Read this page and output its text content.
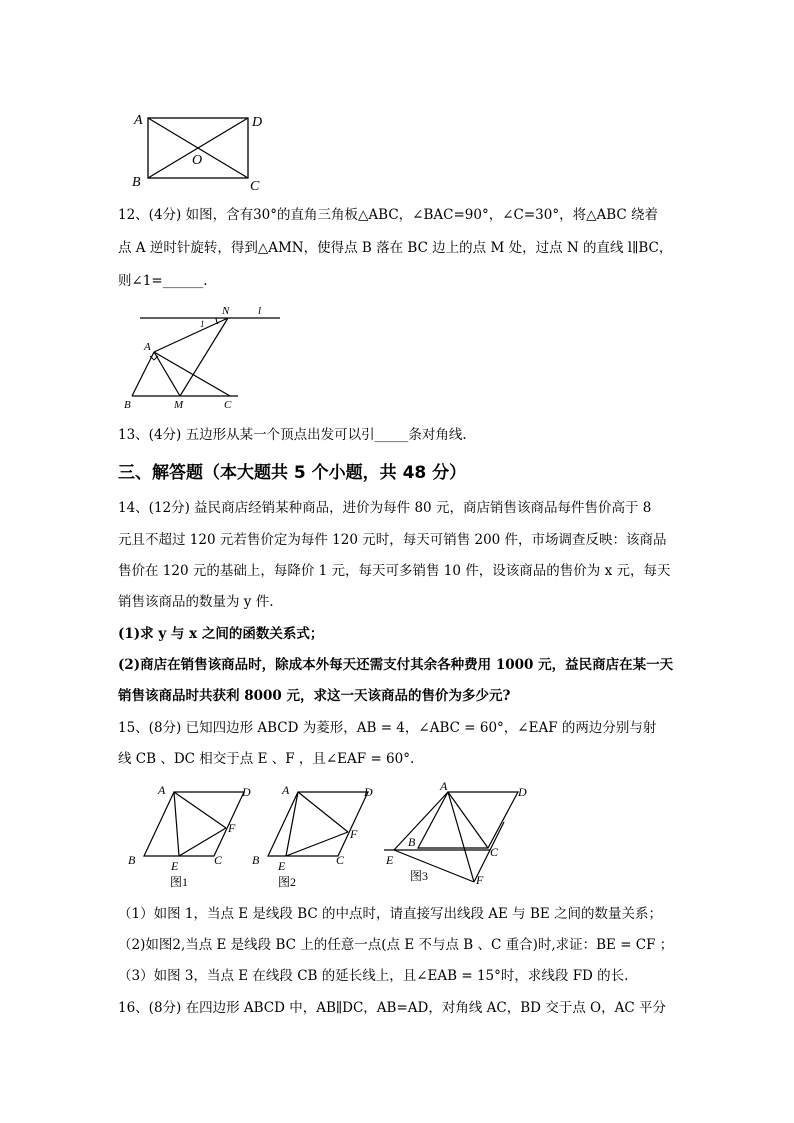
A	D
O
B	C
12、(4分) 如图，含有30°的直角三角板△ABC，∠BAC=90°，∠C=30°，将△ABC 绕着
点 A 逆时针旋转，得到△AMN，使得点 B 落在 BC 边上的点 M 处，过点 N 的直线 l∥BC，
则∠1=______.
N	l
1
A
B	M	C
13、(4分) 五边形从某一个顶点出发可以引_____条对角线.
三、解答题（本大题共 5 个小题，共 48 分）
14、(12分) 益民商店经销某种商品，进价为每件 80 元，商店销售该商品每件售价高于 8
元且不超过 120 元若售价定为每件 120 元时，每天可销售 200 件，市场调查反映：该商品
售价在 120 元的基础上，每降价 1 元，每天可多销售 10 件，设该商品的售价为 x 元，每天
销售该商品的数量为 y 件.
(1)求 y 与 x 之间的函数关系式；
(2)商店在销售该商品时，除成本外每天还需支付其余各种费用 1000 元，益民商店在某一天
销售该商品时共获利 8000 元，求这一天该商品的售价为多少元?
15、(8分) 已知四边形 ABCD 为菱形，AB = 4，∠ABC = 60°，∠EAF 的两边分别与射
线 CB 、DC 相交于点 E 、F ，且∠EAF = 60°.
A	D
F
B	E	C
图1
A	D
F
B E	C
图2
A	D
B
C
E
F
图3
（1）如图 1，当点 E 是线段 BC 的中点时，请直接写出线段 AE 与 BE 之间的数量关系；
（2)如图2,当点 E 是线段 BC 上的任意一点(点 E 不与点 B 、C 重合)时,求证：BE = CF ；
（3）如图 3，当点 E 在线段 CB 的延长线上，且∠EAB = 15°时，求线段 FD 的长.
16、(8分) 在四边形 ABCD 中，AB∥DC，AB=AD，对角线 AC，BD 交于点 O，AC 平分
